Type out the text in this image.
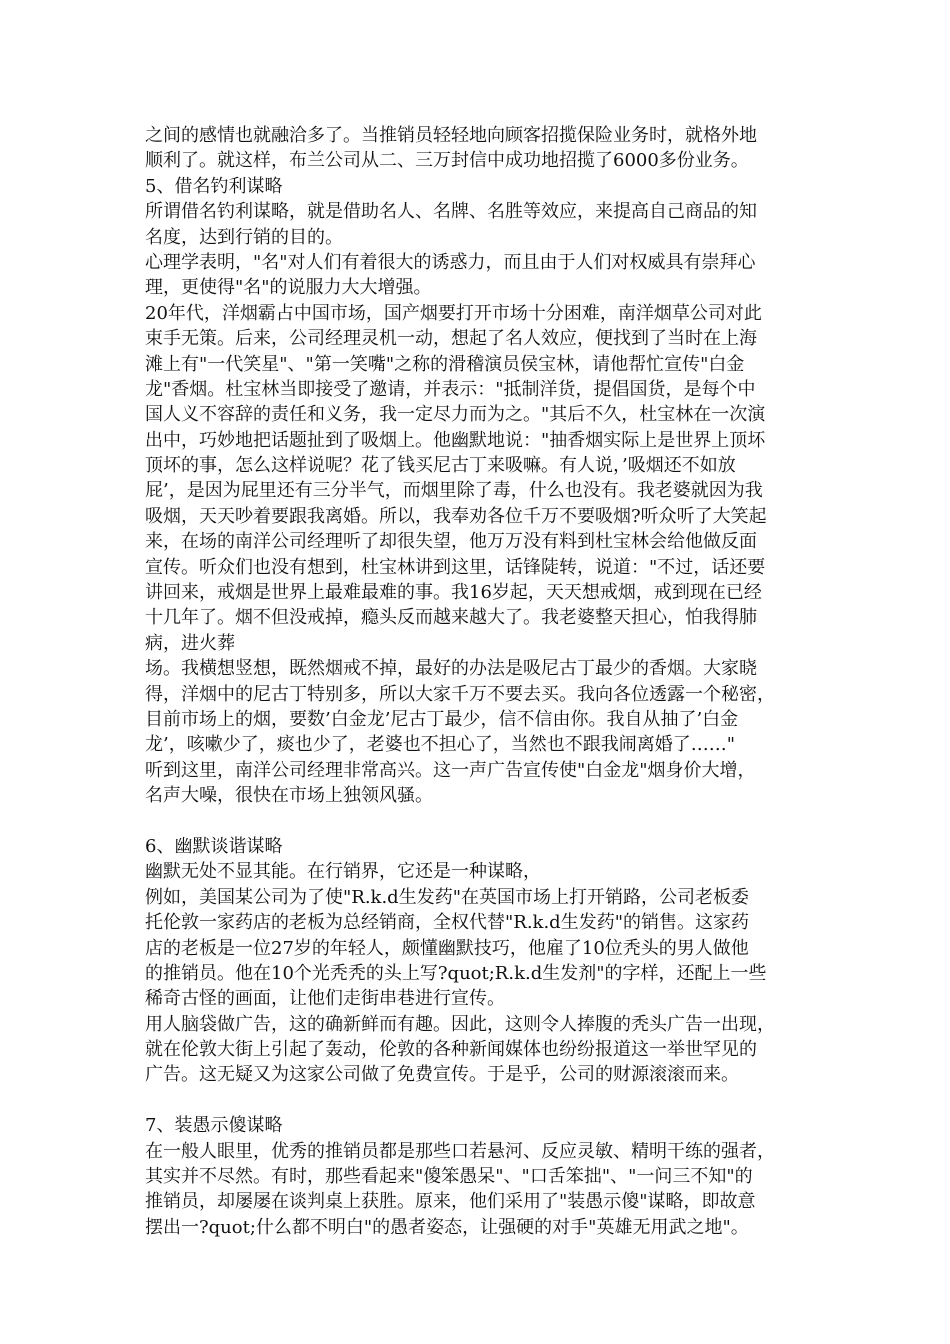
之间的感情也就融洽多了。当推销员轻轻地向顾客招揽保险业务时，就格外地
顺利了。就这样，布兰公司从二、三万封信中成功地招揽了6000多份业务。
5、借名钓利谋略
所谓借名钓利谋略，就是借助名人、名牌、名胜等效应，来提高自己商品的知
名度，达到行销的目的。
心理学表明，"名"对人们有着很大的诱惑力，而且由于人们对权威具有崇拜心
理，更使得"名"的说服力大大增强。
20年代，洋烟霸占中国市场，国产烟要打开市场十分困难，南洋烟草公司对此
束手无策。后来，公司经理灵机一动，想起了名人效应，便找到了当时在上海
滩上有"一代笑星"、"第一笑嘴"之称的滑稽演员侯宝林，请他帮忙宣传"白金
龙"香烟。杜宝林当即接受了邀请，并表示："抵制洋货，提倡国货，是每个中
国人义不容辞的责任和义务，我一定尽力而为之。"其后不久，杜宝林在一次演
出中，巧妙地把话题扯到了吸烟上。他幽默地说："抽香烟实际上是世界上顶坏
顶坏的事，怎么这样说呢？花了钱买尼古丁来吸嘛。有人说，’吸烟还不如放
屁’，是因为屁里还有三分半气，而烟里除了毒，什么也没有。我老婆就因为我
吸烟，天天吵着要跟我离婚。所以，我奉劝各位千万不要吸烟?听众听了大笑起
来，在场的南洋公司经理听了却很失望，他万万没有料到杜宝林会给他做反面
宣传。听众们也没有想到，杜宝林讲到这里，话锋陡转，说道："不过，话还要
讲回来，戒烟是世界上最难最难的事。我16岁起，天天想戒烟，戒到现在已经
十几年了。烟不但没戒掉，瘾头反而越来越大了。我老婆整天担心，怕我得肺
病，进火葬
场。我横想竖想，既然烟戒不掉，最好的办法是吸尼古丁最少的香烟。大家晓
得，洋烟中的尼古丁特别多，所以大家千万不要去买。我向各位透露一个秘密，
目前市场上的烟，要数’白金龙’尼古丁最少，信不信由你。我自从抽了’白金
龙’，咳嗽少了，痰也少了，老婆也不担心了，当然也不跟我闹离婚了……"
听到这里，南洋公司经理非常高兴。这一声广告宣传使"白金龙"烟身价大增，
名声大噪，很快在市场上独领风骚。
6、幽默谈谐谋略
幽默无处不显其能。在行销界，它还是一种谋略，
例如，美国某公司为了使"R.k.d生发药"在英国市场上打开销路，公司老板委
托伦敦一家药店的老板为总经销商，全权代替"R.k.d生发药"的销售。这家药
店的老板是一位27岁的年轻人，颇懂幽默技巧，他雇了10位秃头的男人做他
的推销员。他在10个光秃秃的头上写?quot;R.k.d生发剂"的字样，还配上一些
稀奇古怪的画面，让他们走街串巷进行宣传。
用人脑袋做广告，这的确新鲜而有趣。因此，这则令人捧腹的秃头广告一出现，
就在伦敦大街上引起了轰动，伦敦的各种新闻媒体也纷纷报道这一举世罕见的
广告。这无疑又为这家公司做了免费宣传。于是乎，公司的财源滚滚而来。
7、装愚示傻谋略
在一般人眼里，优秀的推销员都是那些口若悬河、反应灵敏、精明干练的强者，
其实并不尽然。有时，那些看起来"傻笨愚呆"、"口舌笨拙"、"一问三不知"的
推销员，却屡屡在谈判桌上获胜。原来，他们采用了"装愚示傻"谋略，即故意
摆出一?quot;什么都不明白"的愚者姿态，让强硬的对手"英雄无用武之地"。
